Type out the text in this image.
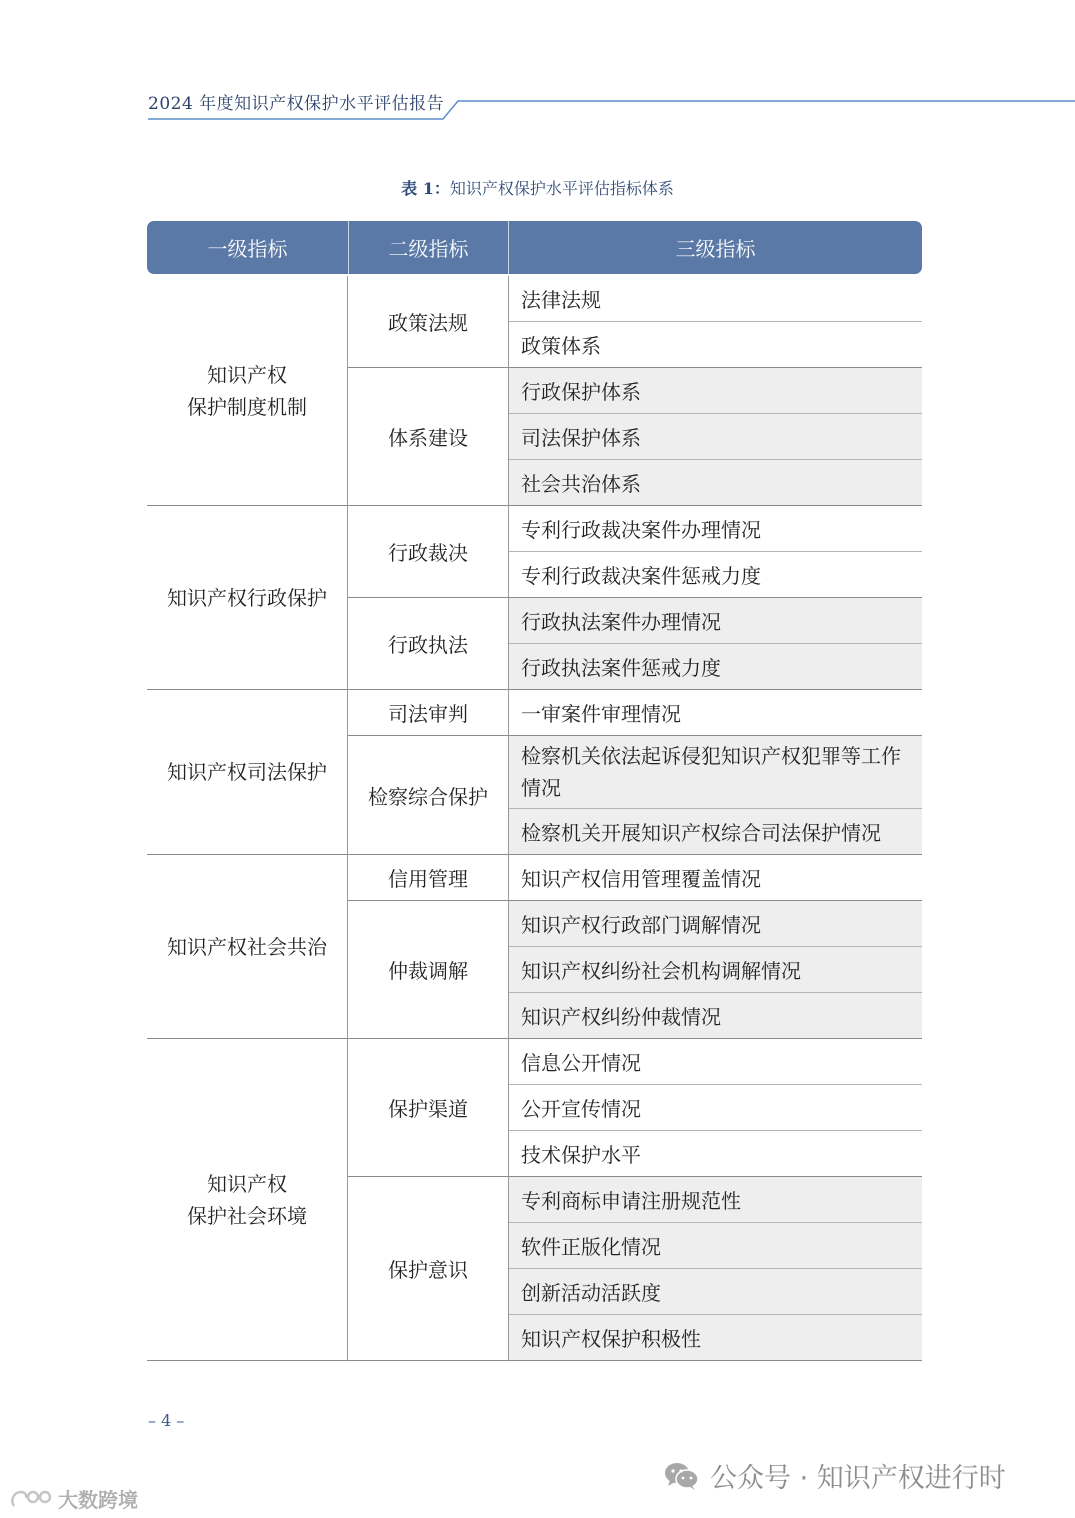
2024 年度知识产权保护水平评估报告
表 1：知识产权保护水平评估指标体系
一级指标	二级指标	三级指标

知识产权
保护制度机制	政策法规	法律法规
		政策体系
	体系建设	行政保护体系
		司法保护体系
		社会共治体系

知识产权行政保护	行政裁决	专利行政裁决案件办理情况
		专利行政裁决案件惩戒力度
	行政执法	行政执法案件办理情况
		行政执法案件惩戒力度

知识产权司法保护	司法审判	一审案件审理情况
	检察综合保护	检察机关依法起诉侵犯知识产权犯罪等工作情况
		检察机关开展知识产权综合司法保护情况

知识产权社会共治	信用管理	知识产权信用管理覆盖情况
	仲裁调解	知识产权行政部门调解情况
		知识产权纠纷社会机构调解情况
		知识产权纠纷仲裁情况

知识产权
保护社会环境	保护渠道	信息公开情况
		公开宣传情况
		技术保护水平
	保护意识	专利商标申请注册规范性
		软件正版化情况
		创新活动活跃度
		知识产权保护积极性
– 4 –
公众号 · 知识产权进行时
大数跨境
